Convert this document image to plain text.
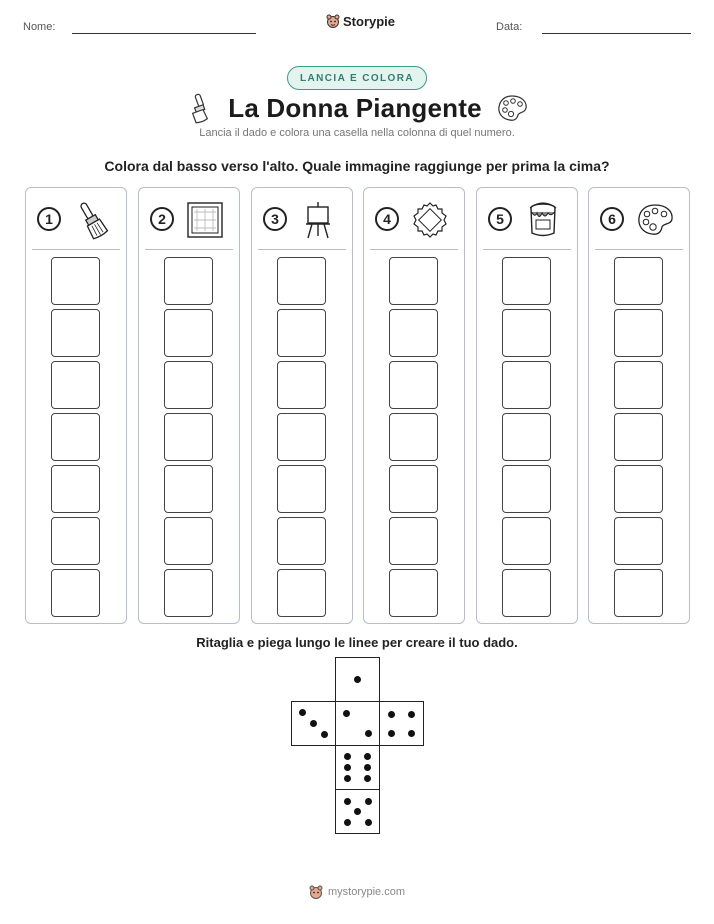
Nome:	Storypie	Data:
LANCIA E COLORA
La Donna Piangente
Lancia il dado e colora una casella nella colonna di quel numero.
Colora dal basso verso l'alto. Quale immagine raggiunge per prima la cima?
1	2	3	4	5	6
Ritaglia e piega lungo le linee per creare il tuo dado.
mystorypie.com
